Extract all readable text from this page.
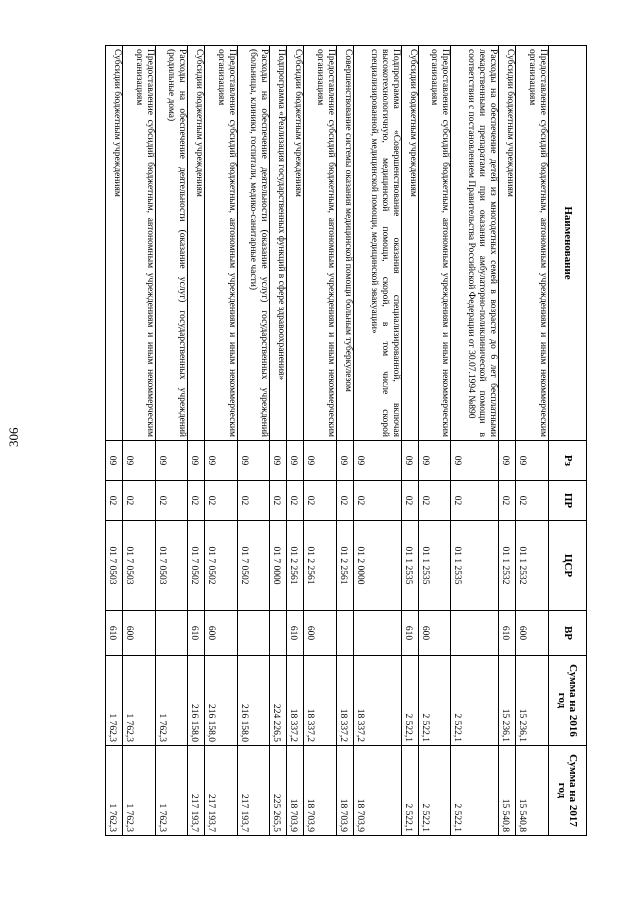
306
Наименование	Рз	ПР	ЦСР	ВР	Сумма на 2016 год	Сумма на 2017 год
Предоставление субсидий бюджетным, автономным учреждениям и иным некоммерческим организациям	09	02	01 1 2532	600	15 236,1	15 540,8
Субсидии бюджетным учреждениям	09	02	01 1 2532	610	15 236,1	15 540,8
Расходы на обеспечение детей из многодетных семей в возрасте до 6 лет бесплатными лекарственными препаратами при оказании амбулаторно-поликлинической помощи в соответствии с постановлением Правительства Российской Федерации от 30.07.1994 №890	09	02	01 1 2535		2 522,1	2 522,1
Предоставление субсидий бюджетным, автономным учреждениям и иным некоммерческим организациям	09	02	01 1 2535	600	2 522,1	2 522,1
Субсидии бюджетным учреждениям	09	02	01 1 2535	610	2 522,1	2 522,1
Подпрограмма «Совершенствование оказания специализированной, включая высокотехнологичную, медицинской помощи, скорой, в том числе скорой специализированной, медицинской помощи, медицинской эвакуации»	09	02	01 2 0000		18 337,2	18 703,9
Совершенствование системы оказания медицинской помощи больным туберкулезом	09	02	01 2 2561		18 337,2	18 703,9
Предоставление субсидий бюджетным, автономным учреждениям и иным некоммерческим организациям	09	02	01 2 2561	600	18 337,2	18 703,9
Субсидии бюджетным учреждениям	09	02	01 2 2561	610	18 337,2	18 703,9
Подпрограмма «Реализация государственных функций в сфере здравоохранения»	09	02	01 7 0000		224 226,5	225 265,5
Расходы на обеспечение деятельности (оказание услуг) государственных учреждений (больницы, клиники, госпитали, медико-санитарные части)	09	02	01 7 0502		216 158,0	217 193,7
Предоставление субсидий бюджетным, автономным учреждениям и иным некоммерческим организациям	09	02	01 7 0502	600	216 158,0	217 193,7
Субсидии бюджетным учреждениям	09	02	01 7 0502	610	216 158,0	217 193,7
Расходы на обеспечение деятельности (оказание услуг) государственных учреждений (родильные дома)	09	02	01 7 0503		1 762,3	1 762,3
Предоставление субсидий бюджетным, автономным учреждениям и иным некоммерческим организациям	09	02	01 7 0503	600	1 762,3	1 762,3
Субсидии бюджетным учреждениям	09	02	01 7 0503	610	1 762,3	1 762,3
